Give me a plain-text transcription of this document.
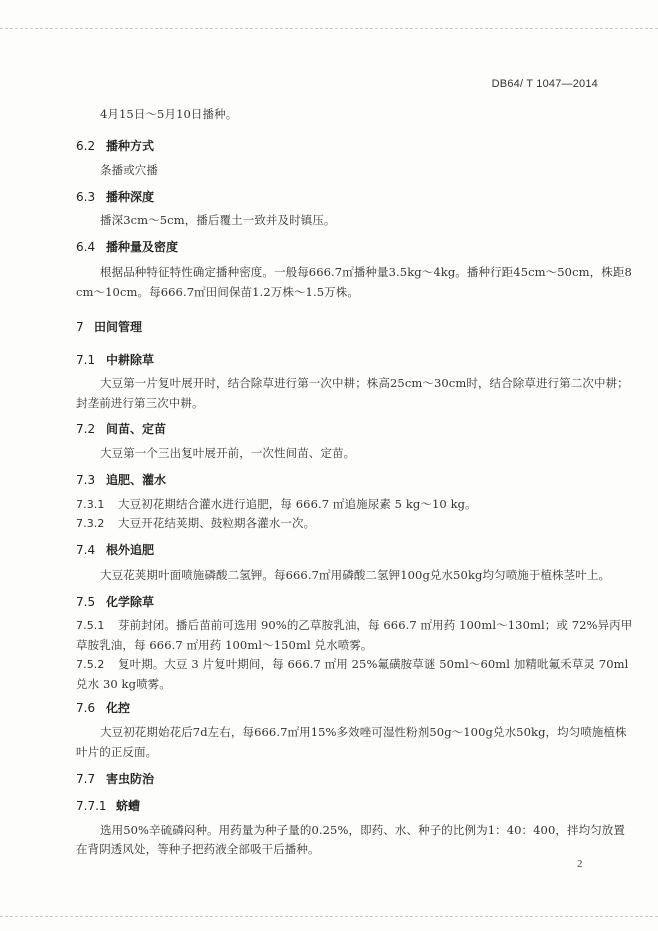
DB64/ T 1047—2014
4月15日～5月10日播种。
6.2 播种方式
条播或穴播
6.3 播种深度
播深3cm～5cm，播后覆土一致并及时镇压。
6.4 播种量及密度
根据品种特征特性确定播种密度。一般每666.7㎡播种量3.5kg～4kg。播种行距45cm～50cm，株距8
cm～10cm。每666.7㎡田间保苗1.2万株～1.5万株。
7 田间管理
7.1 中耕除草
大豆第一片复叶展开时，结合除草进行第一次中耕；株高25cm～30cm时，结合除草进行第二次中耕；
封垄前进行第三次中耕。
7.2 间苗、定苗
大豆第一个三出复叶展开前，一次性间苗、定苗。
7.3 追肥、灌水
7.3.1 大豆初花期结合灌水进行追肥，每 666.7 ㎡追施尿素 5 kg～10 kg。
7.3.2 大豆开花结荚期、鼓粒期各灌水一次。
7.4 根外追肥
大豆花荚期叶面喷施磷酸二氢钾。每666.7㎡用磷酸二氢钾100g兑水50kg均匀喷施于植株茎叶上。
7.5 化学除草
7.5.1 芽前封闭。播后苗前可选用 90%的乙草胺乳油，每 666.7 ㎡用药 100ml～130ml；或 72%异丙甲
草胺乳油，每 666.7 ㎡用药 100ml～150ml 兑水喷雾。
7.5.2 复叶期。大豆 3 片复叶期间，每 666.7 ㎡用 25%氟磺胺草谜 50ml～60ml 加精吡氟禾草灵 70ml
兑水 30 kg喷雾。
7.6 化控
大豆初花期始花后7d左右，每666.7㎡用15%多效唑可湿性粉剂50g～100g兑水50kg，均匀喷施植株
叶片的正反面。
7.7 害虫防治
7.7.1 蛴螬
选用50%辛硫磷闷种。用药量为种子量的0.25%，即药、水、种子的比例为1：40：400，拌均匀放置
在背阴透风处，等种子把药液全部吸干后播种。
2
